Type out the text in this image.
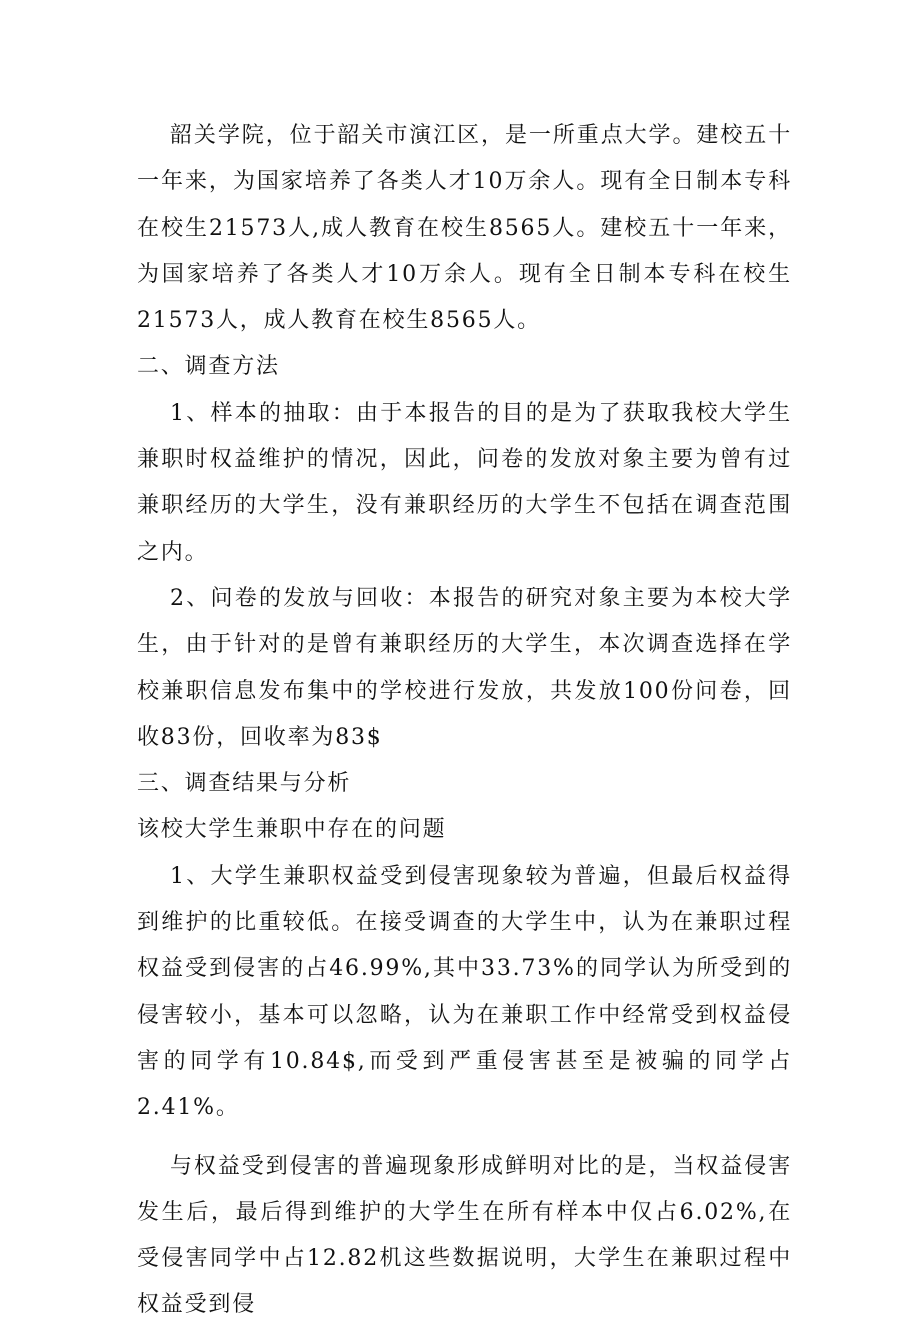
韶关学院，位于韶关市演江区，是一所重点大学。建校五十一年来，为国家培养了各类人才10万余人。现有全日制本专科在校生21573人,成人教育在校生8565人。建校五十一年来，为国家培养了各类人才10万余人。现有全日制本专科在校生21573人，成人教育在校生8565人。

二、调查方法

1、样本的抽取：由于本报告的目的是为了获取我校大学生兼职时权益维护的情况，因此，问卷的发放对象主要为曾有过兼职经历的大学生，没有兼职经历的大学生不包括在调查范围之内。

2、问卷的发放与回收：本报告的研究对象主要为本校大学生，由于针对的是曾有兼职经历的大学生，本次调查选择在学校兼职信息发布集中的学校进行发放，共发放100份问卷，回收83份，回收率为83$

三、调查结果与分析

该校大学生兼职中存在的问题

1、大学生兼职权益受到侵害现象较为普遍，但最后权益得到维护的比重较低。在接受调查的大学生中，认为在兼职过程权益受到侵害的占46.99%,其中33.73%的同学认为所受到的侵害较小，基本可以忽略，认为在兼职工作中经常受到权益侵害的同学有10.84$,而受到严重侵害甚至是被骗的同学占2.41%。

与权益受到侵害的普遍现象形成鲜明对比的是，当权益侵害发生后，最后得到维护的大学生在所有样本中仅占6.02%,在受侵害同学中占12.82机这些数据说明，大学生在兼职过程中权益受到侵
